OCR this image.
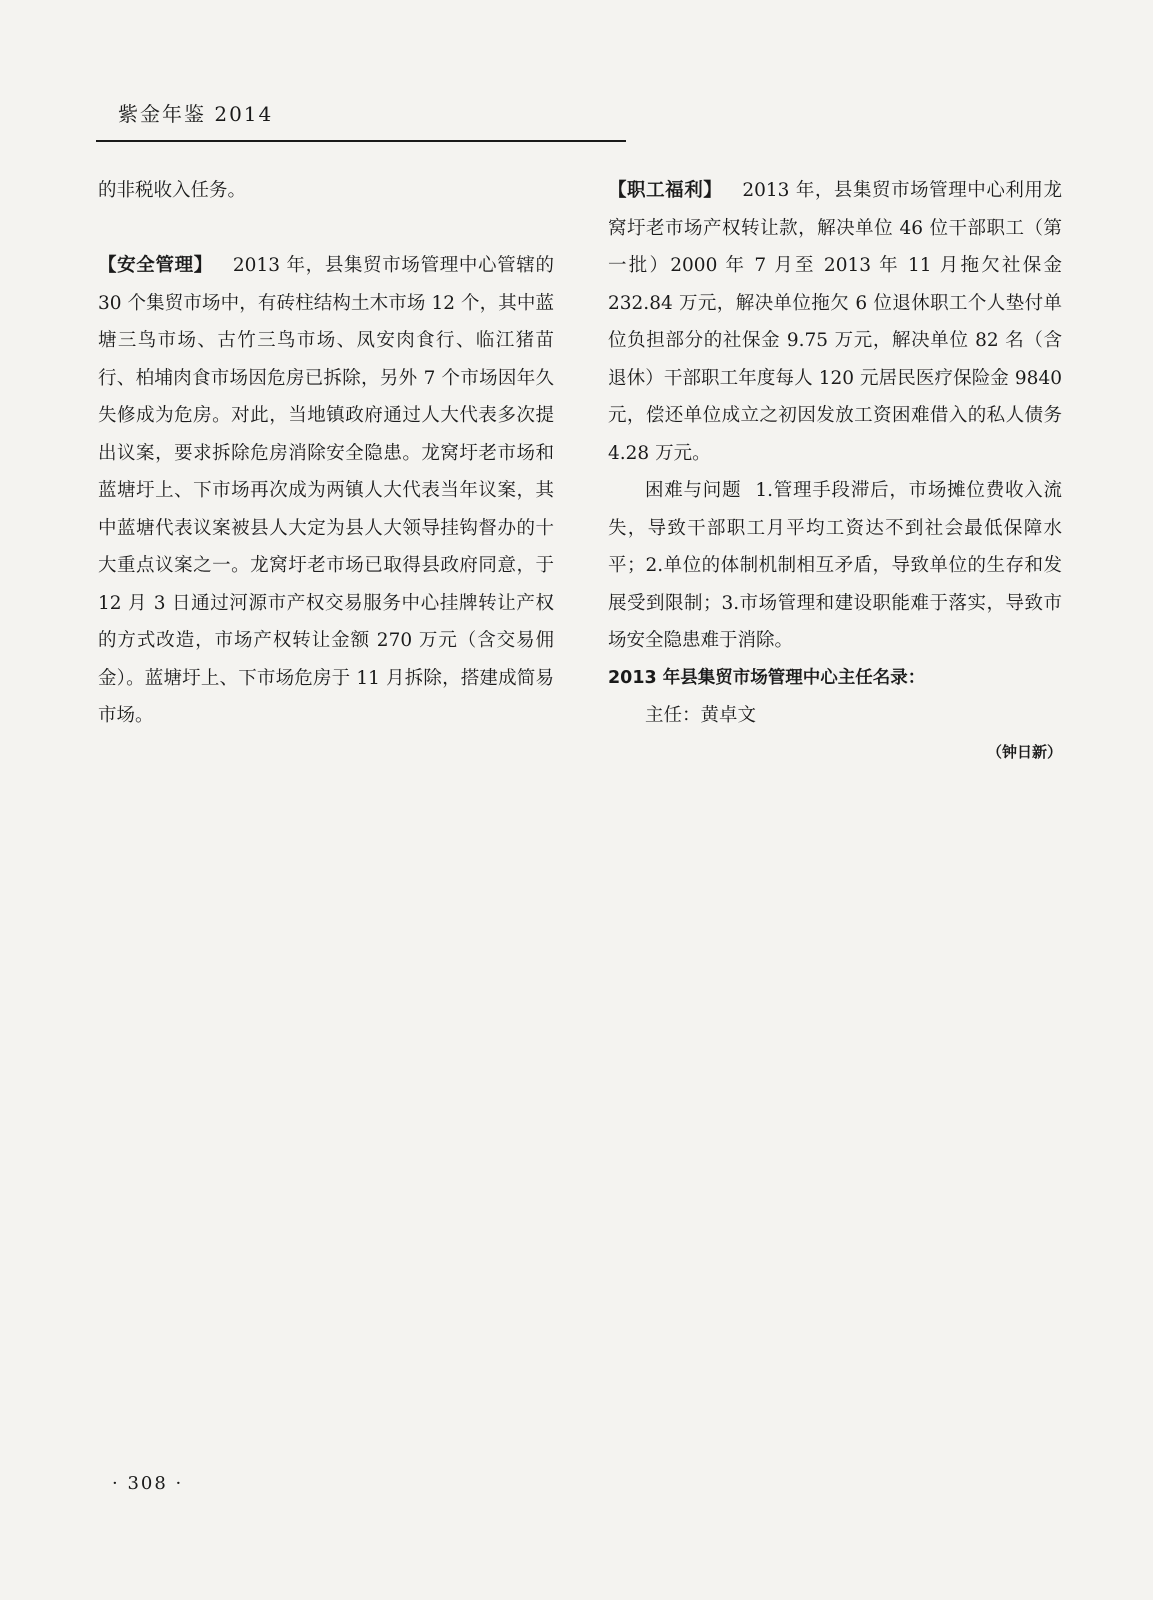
紫金年鉴 2014

的非税收入任务。

【安全管理】 2013 年，县集贸市场管理中心管辖的 30 个集贸市场中，有砖柱结构土木市场 12 个，其中蓝塘三鸟市场、古竹三鸟市场、凤安肉食行、临江猪苗行、柏埔肉食市场因危房已拆除，另外 7 个市场因年久失修成为危房。对此，当地镇政府通过人大代表多次提出议案，要求拆除危房消除安全隐患。龙窝圩老市场和蓝塘圩上、下市场再次成为两镇人大代表当年议案，其中蓝塘代表议案被县人大定为县人大领导挂钩督办的十大重点议案之一。龙窝圩老市场已取得县政府同意，于 12 月 3 日通过河源市产权交易服务中心挂牌转让产权的方式改造，市场产权转让金额 270 万元（含交易佣金）。蓝塘圩上、下市场危房于 11 月拆除，搭建成简易市场。

【职工福利】 2013 年，县集贸市场管理中心利用龙窝圩老市场产权转让款，解决单位 46 位干部职工（第一批）2000 年 7 月至 2013 年 11 月拖欠社保金 232.84 万元，解决单位拖欠 6 位退休职工个人垫付单位负担部分的社保金 9.75 万元，解决单位 82 名（含退休）干部职工年度每人 120 元居民医疗保险金 9840 元，偿还单位成立之初因发放工资困难借入的私人债务 4.28 万元。

困难与问题 1.管理手段滞后，市场摊位费收入流失，导致干部职工月平均工资达不到社会最低保障水平；2.单位的体制机制相互矛盾，导致单位的生存和发展受到限制；3.市场管理和建设职能难于落实，导致市场安全隐患难于消除。

2013 年县集贸市场管理中心主任名录：

主任：黄卓文

（钟日新）

· 308 ·
